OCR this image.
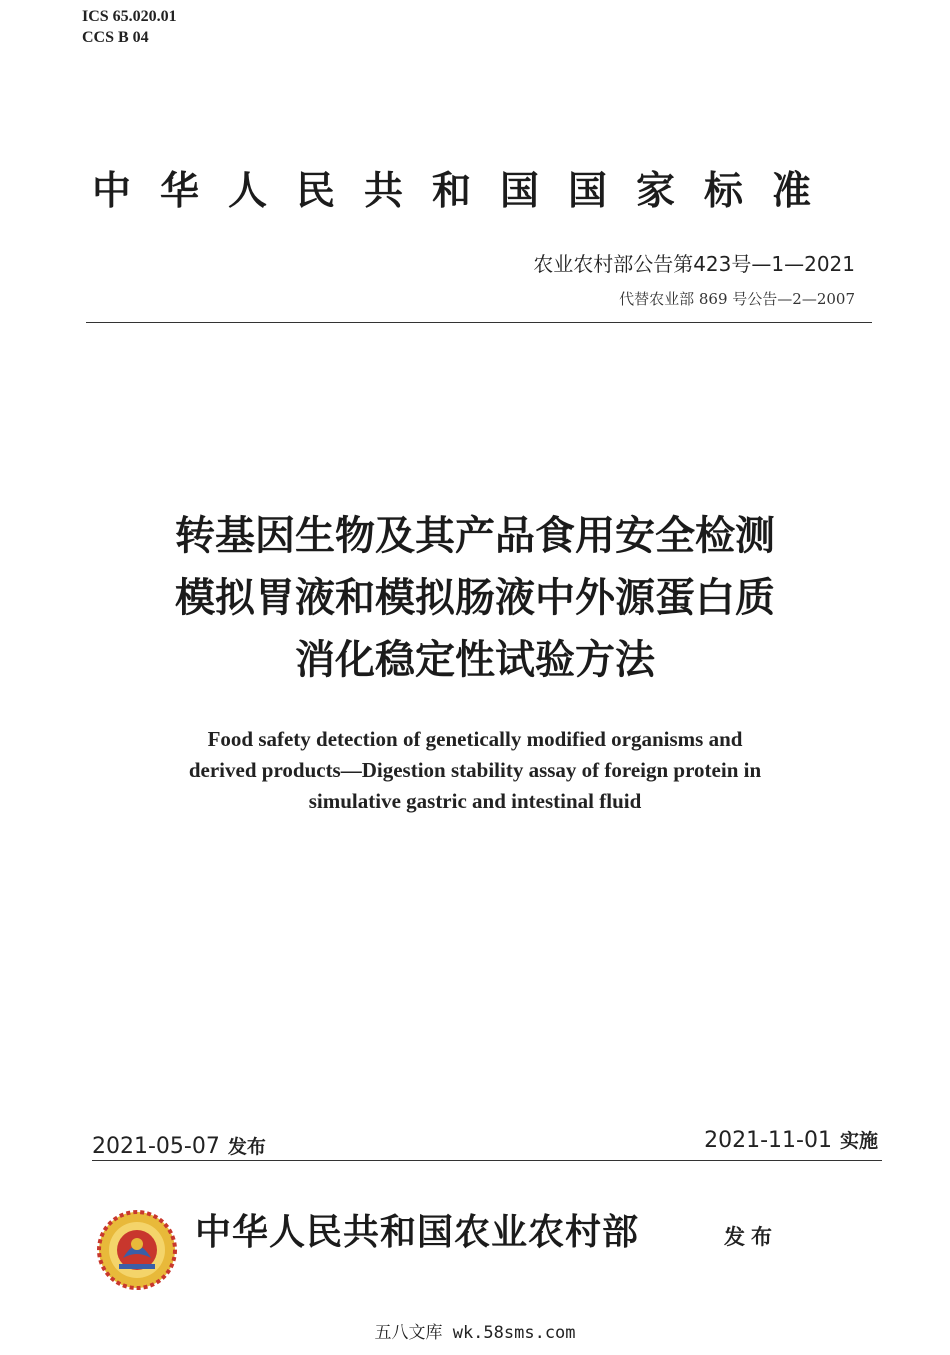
ICS 65.020.01
CCS B 04
中华人民共和国国家标准
农业农村部公告第423号—1—2021
代替农业部 869 号公告—2—2007
转基因生物及其产品食用安全检测
模拟胃液和模拟肠液中外源蛋白质
消化稳定性试验方法
Food safety detection of genetically modified organisms and
derived products—Digestion stability assay of foreign protein in
simulative gastric and intestinal fluid
2021-05-07 发布	2021-11-01 实施
中华人民共和国农业农村部	发布
五八文库 wk.58sms.com
